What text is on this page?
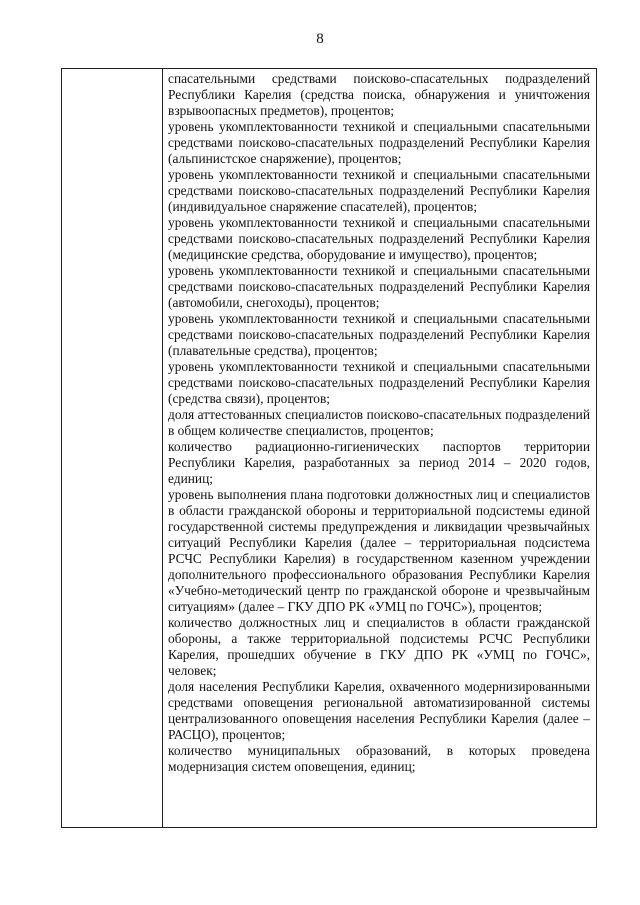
8

спасательными средствами поисково-спасательных подразделений Республики Карелия (средства поиска, обнаружения и уничтожения взрывоопасных предметов), процентов;

уровень укомплектованности техникой и специальными спасательными средствами поисково-спасательных подразделений Республики Карелия (альпинистское снаряжение), процентов;

уровень укомплектованности техникой и специальными спасательными средствами поисково-спасательных подразделений Республики Карелия (индивидуальное снаряжение спасателей), процентов;

уровень укомплектованности техникой и специальными спасательными средствами поисково-спасательных подразделений Республики Карелия (медицинские средства, оборудование и имущество), процентов;

уровень укомплектованности техникой и специальными спасательными средствами поисково-спасательных подразделений Республики Карелия (автомобили, снегоходы), процентов;

уровень укомплектованности техникой и специальными спасательными средствами поисково-спасательных подразделений Республики Карелия (плавательные средства), процентов;

уровень укомплектованности техникой и специальными спасательными средствами поисково-спасательных подразделений Республики Карелия (средства связи), процентов;

доля аттестованных специалистов поисково-спасательных подразделений в общем количестве специалистов, процентов;

количество радиационно-гигиенических паспортов территории Республики Карелия, разработанных за период 2014 – 2020 годов, единиц;

уровень выполнения плана подготовки должностных лиц и специалистов в области гражданской обороны и территориальной подсистемы единой государственной системы предупреждения и ликвидации чрезвычайных ситуаций Республики Карелия (далее – территориальная подсистема РСЧС Республики Карелия) в государственном казенном учреждении дополнительного профессионального образования Республики Карелия «Учебно-методический центр по гражданской обороне и чрезвычайным ситуациям» (далее – ГКУ ДПО РК «УМЦ по ГОЧС»), процентов;

количество должностных лиц и специалистов в области гражданской обороны, а также территориальной подсистемы РСЧС Республики Карелия, прошедших обучение в ГКУ ДПО РК «УМЦ по ГОЧС», человек;

доля населения Республики Карелия, охваченного модернизированными средствами оповещения региональной автоматизированной системы централизованного оповещения населения Республики Карелия (далее – РАСЦО), процентов;

количество муниципальных образований, в которых проведена модернизация систем оповещения, единиц;
